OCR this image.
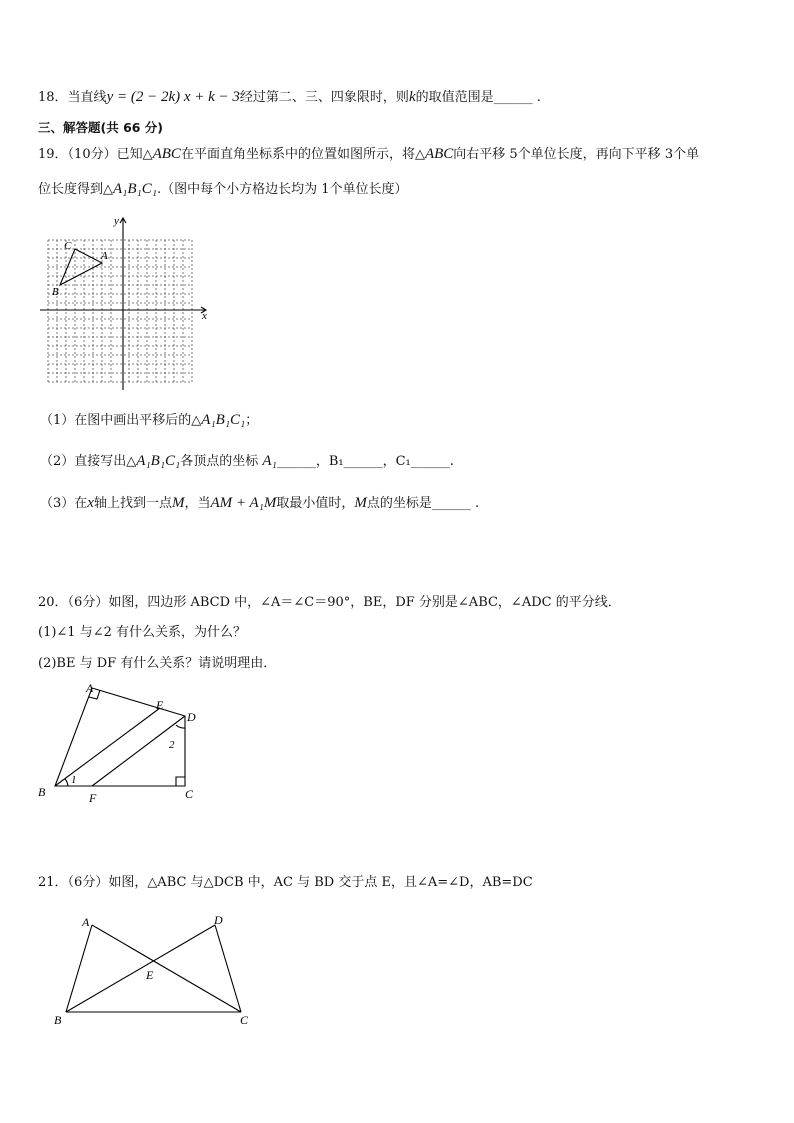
18．当直线y = (2 − 2k) x + k − 3经过第二、三、四象限时，则k的取值范围是______ .
三、解答题(共 66 分)
19．（10分）已知△ABC在平面直角坐标系中的位置如图所示，将△ABC向右平移 5个单位长度，再向下平移 3个单
位长度得到△A₁B₁C₁.（图中每个小方格边长均为 1个单位长度）
x
y
C
A
B
（1）在图中画出平移后的△A₁B₁C₁；
（2）直接写出△A₁B₁C₁各顶点的坐标 A₁______，B₁______，C₁______.
（3）在x轴上找到一点M，当AM + A₁M取最小值时，M点的坐标是______ .
20．（6分）如图，四边形 ABCD 中，∠A＝∠C＝90°，BE，DF 分别是∠ABC，∠ADC 的平分线．
(1)∠1 与∠2 有什么关系，为什么？
(2)BE 与 DF 有什么关系？请说明理由．
A
E
D
2
1
B	F	C
21．（6分）如图，△ABC 与△DCB 中，AC 与 BD 交于点 E，且∠A=∠D，AB=DC
A	D
E
B	C
